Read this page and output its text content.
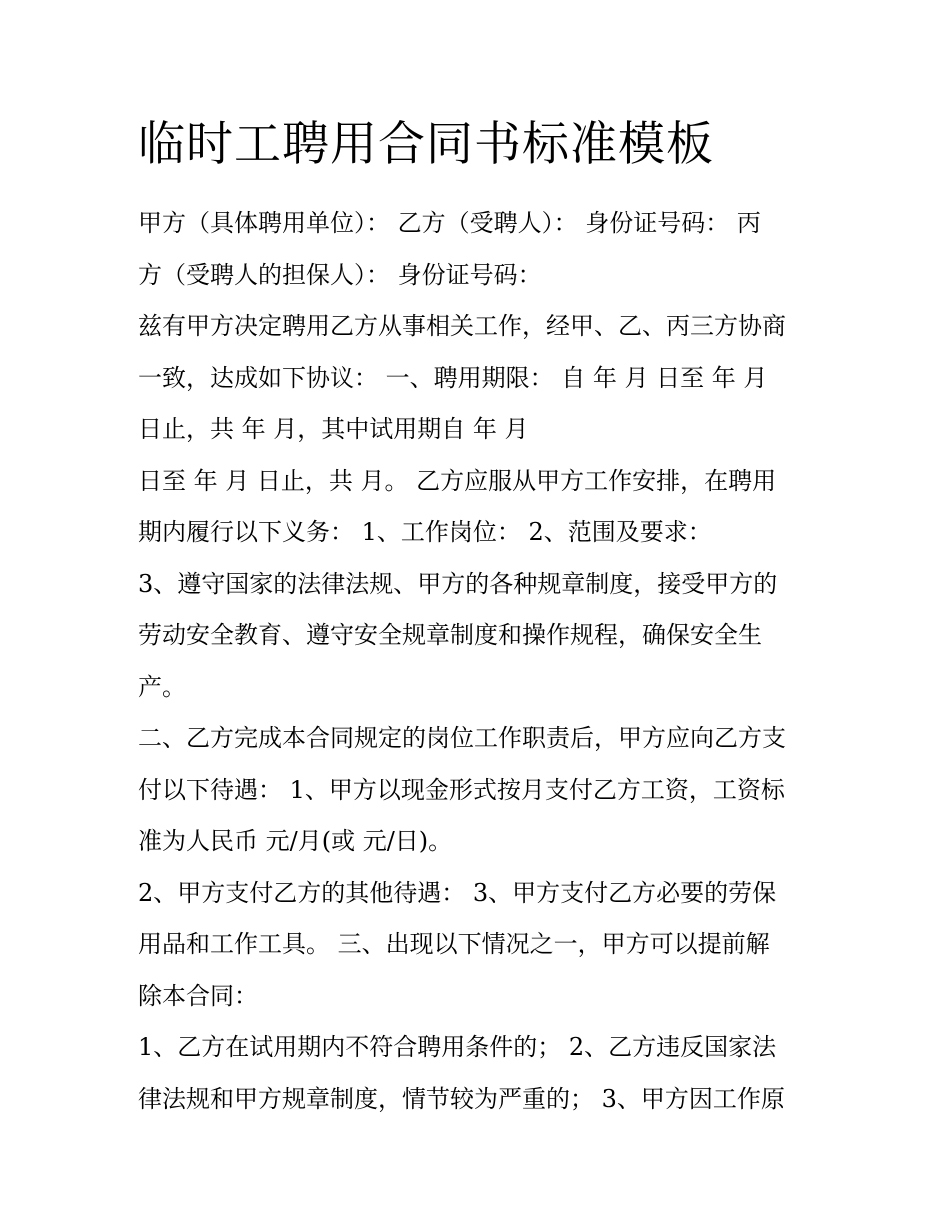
临时工聘用合同书标准模板
甲方（具体聘用单位）： 乙方（受聘人）： 身份证号码： 丙
方（受聘人的担保人）： 身份证号码：
兹有甲方决定聘用乙方从事相关工作，经甲、乙、丙三方协商
一致，达成如下协议： 一、聘用期限： 自 年 月 日至 年 月
日止，共 年 月，其中试用期自 年 月
日至 年 月 日止，共 月。 乙方应服从甲方工作安排，在聘用
期内履行以下义务： 1、工作岗位： 2、范围及要求：
3、遵守国家的法律法规、甲方的各种规章制度，接受甲方的
劳动安全教育、遵守安全规章制度和操作规程，确保安全生
产。
二、乙方完成本合同规定的岗位工作职责后，甲方应向乙方支
付以下待遇： 1、甲方以现金形式按月支付乙方工资，工资标
准为人民币 元/月(或 元/日)。
2、甲方支付乙方的其他待遇： 3、甲方支付乙方必要的劳保
用品和工作工具。 三、出现以下情况之一，甲方可以提前解
除本合同：
1、乙方在试用期内不符合聘用条件的； 2、乙方违反国家法
律法规和甲方规章制度，情节较为严重的； 3、甲方因工作原
